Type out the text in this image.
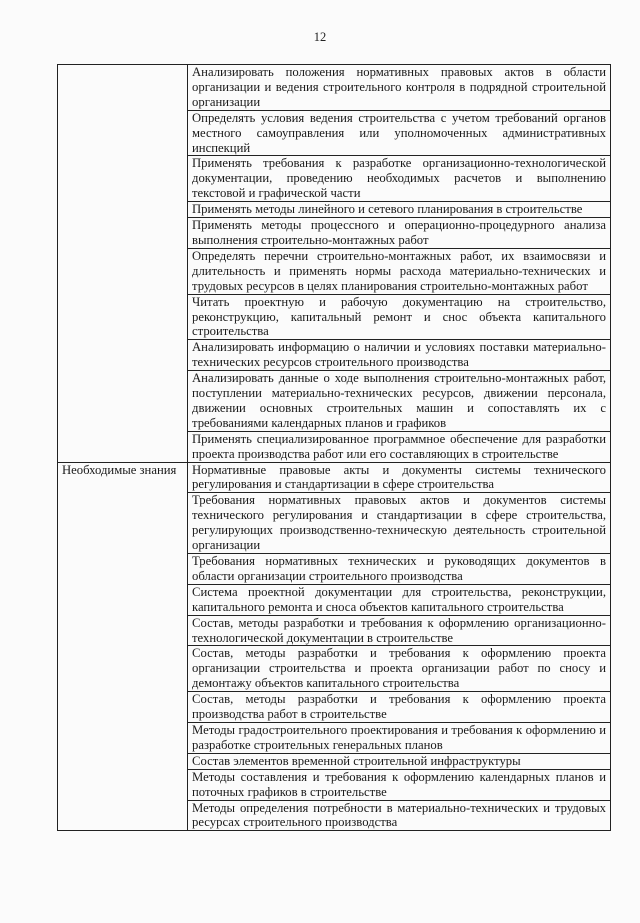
12
	Анализировать положения нормативных правовых актов в области организации и ведения строительного контроля в подрядной строительной организации
	Определять условия ведения строительства с учетом требований органов местного самоуправления или уполномоченных административных инспекций
	Применять требования к разработке организационно-технологической документации, проведению необходимых расчетов и выполнению текстовой и графической части
	Применять методы линейного и сетевого планирования в строительстве
	Применять методы процессного и операционно-процедурного анализа выполнения строительно-монтажных работ
	Определять перечни строительно-монтажных работ, их взаимосвязи и длительность и применять нормы расхода материально-технических и трудовых ресурсов в целях планирования строительно-монтажных работ
	Читать проектную и рабочую документацию на строительство, реконструкцию, капитальный ремонт и снос объекта капитального строительства
	Анализировать информацию о наличии и условиях поставки материально-технических ресурсов строительного производства
	Анализировать данные о ходе выполнения строительно-монтажных работ, поступлении материально-технических ресурсов, движении персонала, движении основных строительных машин и сопоставлять их с требованиями календарных планов и графиков
	Применять специализированное программное обеспечение для разработки проекта производства работ или его составляющих в строительстве
Необходимые знания	Нормативные правовые акты и документы системы технического регулирования и стандартизации в сфере строительства
	Требования нормативных правовых актов и документов системы технического регулирования и стандартизации в сфере строительства, регулирующих производственно-техническую деятельность строительной организации
	Требования нормативных технических и руководящих документов в области организации строительного производства
	Система проектной документации для строительства, реконструкции, капитального ремонта и сноса объектов капитального строительства
	Состав, методы разработки и требования к оформлению организационно-технологической документации в строительстве
	Состав, методы разработки и требования к оформлению проекта организации строительства и проекта организации работ по сносу и демонтажу объектов капитального строительства
	Состав, методы разработки и требования к оформлению проекта производства работ в строительстве
	Методы градостроительного проектирования и требования к оформлению и разработке строительных генеральных планов
	Состав элементов временной строительной инфраструктуры
	Методы составления и требования к оформлению календарных планов и поточных графиков в строительстве
	Методы определения потребности в материально-технических и трудовых ресурсах строительного производства
